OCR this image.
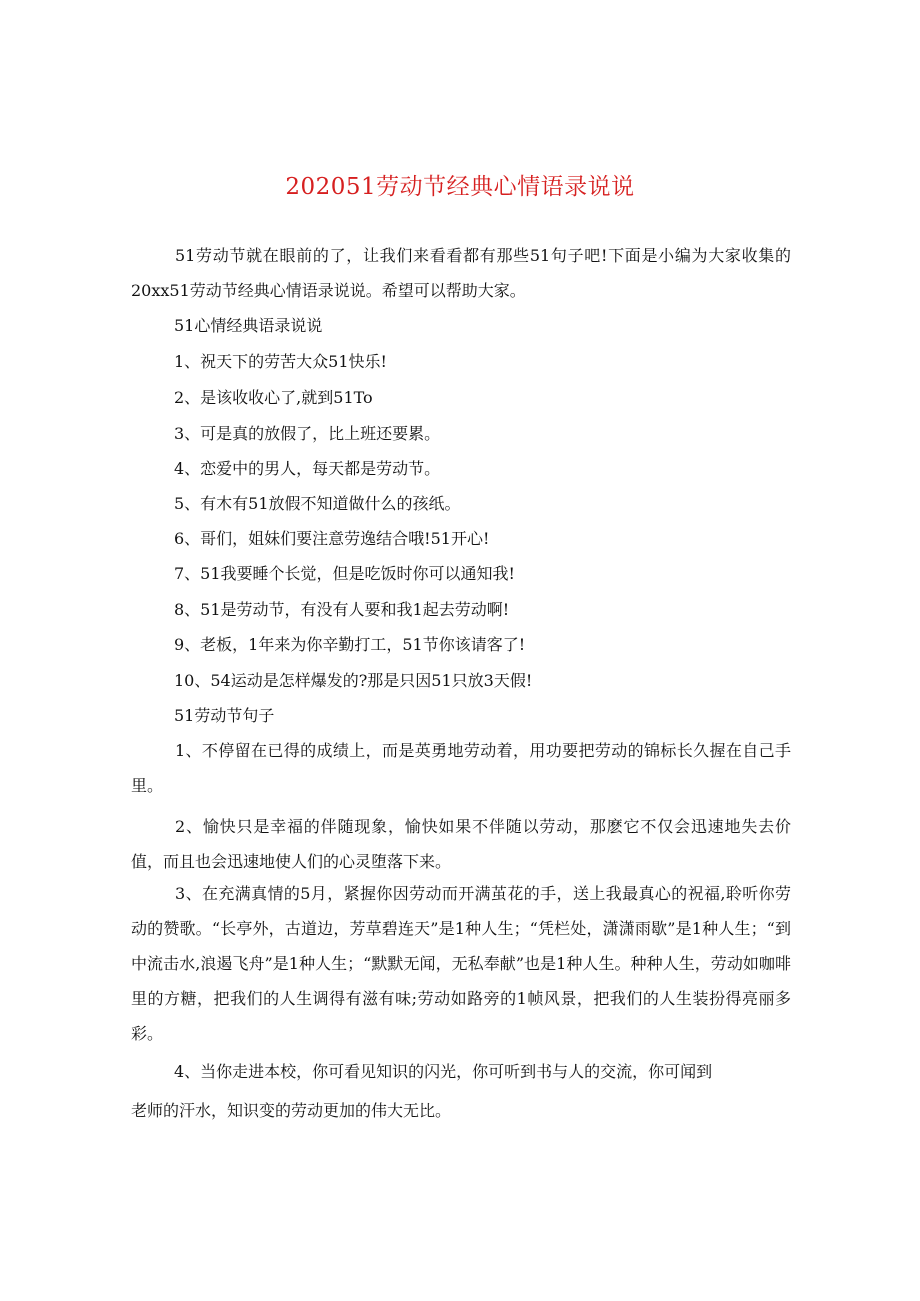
202051劳动节经典心情语录说说

51劳动节就在眼前的了，让我们来看看都有那些51句子吧!下面是小编为大家收集的20xx51劳动节经典心情语录说说。希望可以帮助大家。

51心情经典语录说说
1、祝天下的劳苦大众51快乐!
2、是该收收心了,就到51To
3、可是真的放假了，比上班还要累。
4、恋爱中的男人，每天都是劳动节。
5、有木有51放假不知道做什么的孩纸。
6、哥们，姐妹们要注意劳逸结合哦!51开心!
7、51我要睡个长觉，但是吃饭时你可以通知我!
8、51是劳动节，有没有人要和我1起去劳动啊!
9、老板，1年来为你辛勤打工，51节你该请客了!
10、54运动是怎样爆发的?那是只因51只放3天假!
51劳动节句子

1、不停留在已得的成绩上，而是英勇地劳动着，用功要把劳动的锦标长久握在自己手里。

2、愉快只是幸福的伴随现象，愉快如果不伴随以劳动，那麽它不仅会迅速地失去价值，而且也会迅速地使人们的心灵堕落下来。

3、在充满真情的5月，紧握你因劳动而开满茧花的手，送上我最真心的祝福,聆听你劳动的赞歌。“长亭外，古道边，芳草碧连天”是1种人生；“凭栏处，潇潇雨歇”是1种人生；“到中流击水,浪遏飞舟”是1种人生；“默默无闻，无私奉献”也是1种人生。种种人生，劳动如咖啡里的方糖，把我们的人生调得有滋有味;劳动如路旁的1帧风景，把我们的人生装扮得亮丽多彩。

4、当你走进本校，你可看见知识的闪光，你可听到书与人的交流，你可闻到
老师的汗水，知识变的劳动更加的伟大无比。
